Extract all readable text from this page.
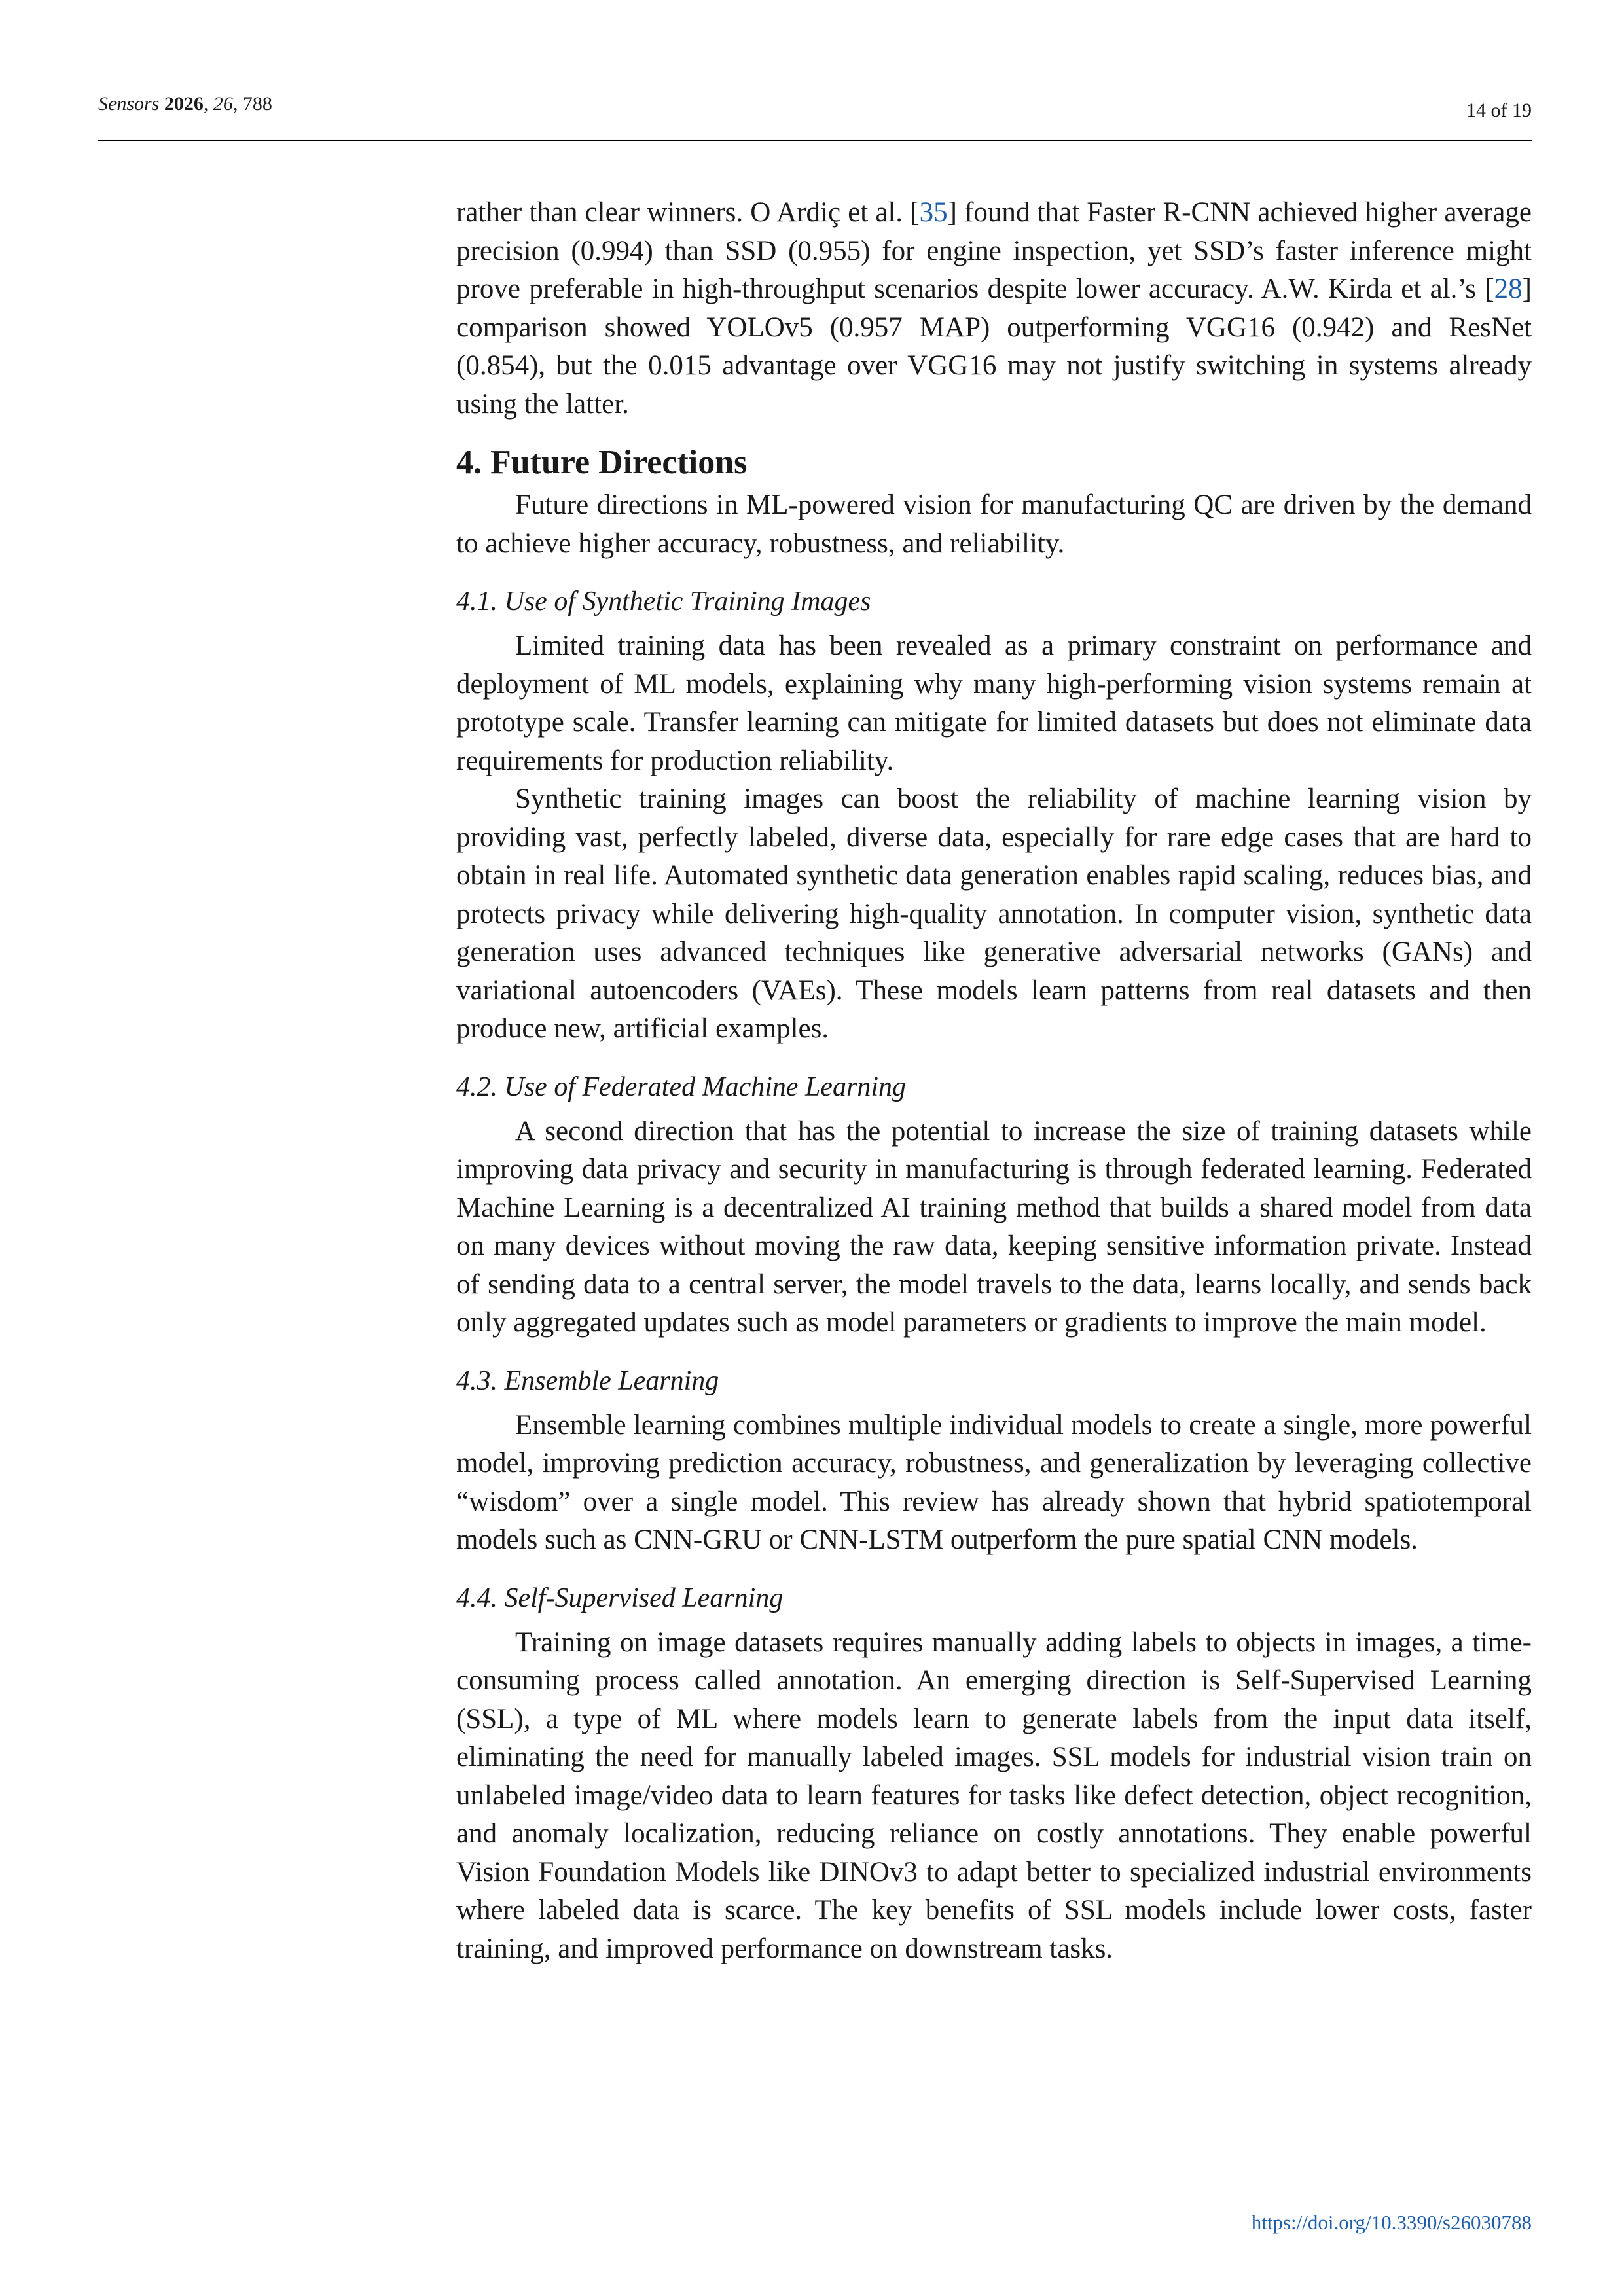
Sensors 2026, 26, 788	14 of 19

rather than clear winners. O Ardiç et al. [35] found that Faster R-CNN achieved higher average precision (0.994) than SSD (0.955) for engine inspection, yet SSD’s faster inference might prove preferable in high-throughput scenarios despite lower accuracy. A.W. Kirda et al.’s [28] comparison showed YOLOv5 (0.957 MAP) outperforming VGG16 (0.942) and ResNet (0.854), but the 0.015 advantage over VGG16 may not justify switching in systems already using the latter.

4. Future Directions

Future directions in ML-powered vision for manufacturing QC are driven by the demand to achieve higher accuracy, robustness, and reliability.

4.1. Use of Synthetic Training Images

Limited training data has been revealed as a primary constraint on performance and deployment of ML models, explaining why many high-performing vision systems remain at prototype scale. Transfer learning can mitigate for limited datasets but does not eliminate data requirements for production reliability.

Synthetic training images can boost the reliability of machine learning vision by providing vast, perfectly labeled, diverse data, especially for rare edge cases that are hard to obtain in real life. Automated synthetic data generation enables rapid scaling, reduces bias, and protects privacy while delivering high-quality annotation. In computer vision, synthetic data generation uses advanced techniques like generative adversarial networks (GANs) and variational autoencoders (VAEs). These models learn patterns from real datasets and then produce new, artificial examples.

4.2. Use of Federated Machine Learning

A second direction that has the potential to increase the size of training datasets while improving data privacy and security in manufacturing is through federated learning. Federated Machine Learning is a decentralized AI training method that builds a shared model from data on many devices without moving the raw data, keeping sensitive information private. Instead of sending data to a central server, the model travels to the data, learns locally, and sends back only aggregated updates such as model parameters or gradients to improve the main model.

4.3. Ensemble Learning

Ensemble learning combines multiple individual models to create a single, more powerful model, improving prediction accuracy, robustness, and generalization by leveraging collective “wisdom” over a single model. This review has already shown that hybrid spatiotemporal models such as CNN-GRU or CNN-LSTM outperform the pure spatial CNN models.

4.4. Self-Supervised Learning

Training on image datasets requires manually adding labels to objects in images, a time-consuming process called annotation. An emerging direction is Self-Supervised Learning (SSL), a type of ML where models learn to generate labels from the input data itself, eliminating the need for manually labeled images. SSL models for industrial vision train on unlabeled image/video data to learn features for tasks like defect detection, object recognition, and anomaly localization, reducing reliance on costly annotations. They enable powerful Vision Foundation Models like DINOv3 to adapt better to specialized industrial environments where labeled data is scarce. The key benefits of SSL models include lower costs, faster training, and improved performance on downstream tasks.

https://doi.org/10.3390/s26030788
